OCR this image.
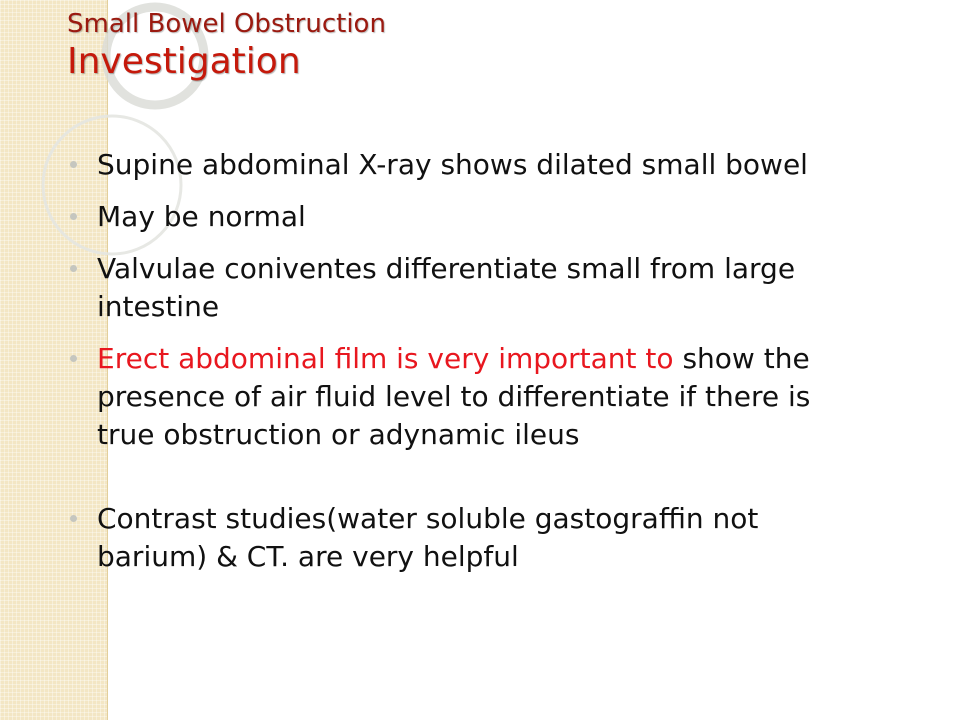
Small Bowel Obstruction
Investigation
Supine abdominal X-ray shows dilated small bowel
May be normal
Valvulae coniventes differentiate small from large intestine
Erect abdominal film is very important to show the presence of air fluid level to differentiate if there is true obstruction or adynamic ileus
Contrast studies(water soluble gastograffin not barium) & CT. are very helpful
